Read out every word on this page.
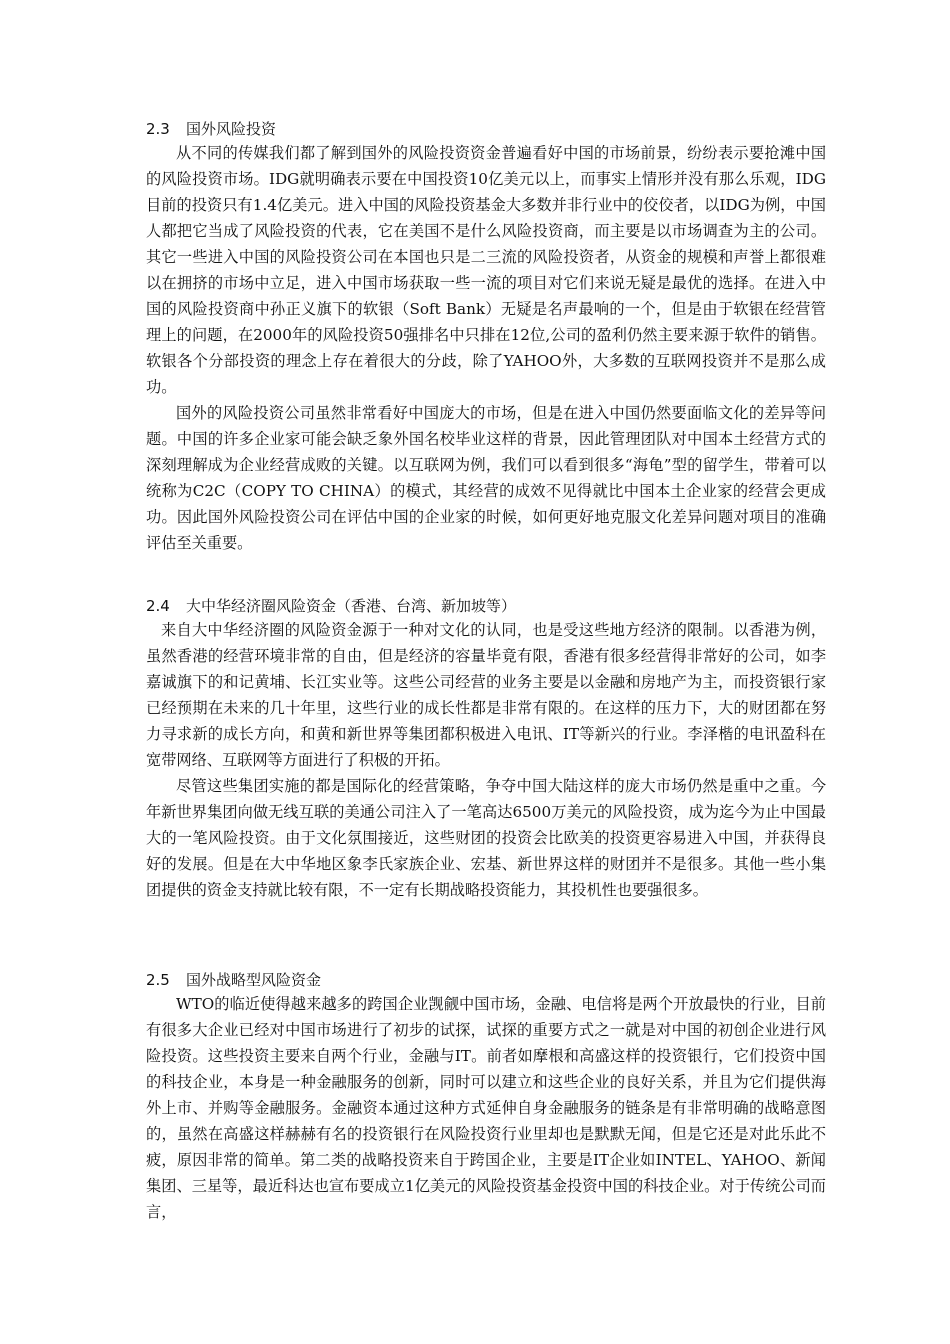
2.3 国外风险投资

从不同的传媒我们都了解到国外的风险投资资金普遍看好中国的市场前景，纷纷表示要抢滩中国的风险投资市场。IDG就明确表示要在中国投资10亿美元以上，而事实上情形并没有那么乐观，IDG目前的投资只有1.4亿美元。进入中国的风险投资基金大多数并非行业中的佼佼者，以IDG为例，中国人都把它当成了风险投资的代表，它在美国不是什么风险投资商，而主要是以市场调查为主的公司。其它一些进入中国的风险投资公司在本国也只是二三流的风险投资者，从资金的规模和声誉上都很难以在拥挤的市场中立足，进入中国市场获取一些一流的项目对它们来说无疑是最优的选择。在进入中国的风险投资商中孙正义旗下的软银（Soft Bank）无疑是名声最响的一个，但是由于软银在经营管理上的问题，在2000年的风险投资50强排名中只排在12位,公司的盈利仍然主要来源于软件的销售。软银各个分部投资的理念上存在着很大的分歧，除了YAHOO外，大多数的互联网投资并不是那么成功。

国外的风险投资公司虽然非常看好中国庞大的市场，但是在进入中国仍然要面临文化的差异等问题。中国的许多企业家可能会缺乏象外国名校毕业这样的背景，因此管理团队对中国本土经营方式的深刻理解成为企业经营成败的关键。以互联网为例，我们可以看到很多“海龟”型的留学生，带着可以统称为C2C（COPY TO CHINA）的模式，其经营的成效不见得就比中国本土企业家的经营会更成功。因此国外风险投资公司在评估中国的企业家的时候，如何更好地克服文化差异问题对项目的准确评估至关重要。

2.4 大中华经济圈风险资金（香港、台湾、新加坡等）

来自大中华经济圈的风险资金源于一种对文化的认同，也是受这些地方经济的限制。以香港为例，虽然香港的经营环境非常的自由，但是经济的容量毕竟有限，香港有很多经营得非常好的公司，如李嘉诚旗下的和记黄埔、长江实业等。这些公司经营的业务主要是以金融和房地产为主，而投资银行家已经预期在未来的几十年里，这些行业的成长性都是非常有限的。在这样的压力下，大的财团都在努力寻求新的成长方向，和黄和新世界等集团都积极进入电讯、IT等新兴的行业。李泽楷的电讯盈科在宽带网络、互联网等方面进行了积极的开拓。

尽管这些集团实施的都是国际化的经营策略，争夺中国大陆这样的庞大市场仍然是重中之重。今年新世界集团向做无线互联的美通公司注入了一笔高达6500万美元的风险投资，成为迄今为止中国最大的一笔风险投资。由于文化氛围接近，这些财团的投资会比欧美的投资更容易进入中国，并获得良好的发展。但是在大中华地区象李氏家族企业、宏基、新世界这样的财团并不是很多。其他一些小集团提供的资金支持就比较有限，不一定有长期战略投资能力，其投机性也要强很多。

2.5 国外战略型风险资金

WTO的临近使得越来越多的跨国企业觊觎中国市场，金融、电信将是两个开放最快的行业，目前有很多大企业已经对中国市场进行了初步的试探，试探的重要方式之一就是对中国的初创企业进行风险投资。这些投资主要来自两个行业，金融与IT。前者如摩根和高盛这样的投资银行，它们投资中国的科技企业，本身是一种金融服务的创新，同时可以建立和这些企业的良好关系，并且为它们提供海外上市、并购等金融服务。金融资本通过这种方式延伸自身金融服务的链条是有非常明确的战略意图的，虽然在高盛这样赫赫有名的投资银行在风险投资行业里却也是默默无闻，但是它还是对此乐此不疲，原因非常的简单。第二类的战略投资来自于跨国企业，主要是IT企业如INTEL、YAHOO、新闻集团、三星等，最近科达也宣布要成立1亿美元的风险投资基金投资中国的科技企业。对于传统公司而言，
